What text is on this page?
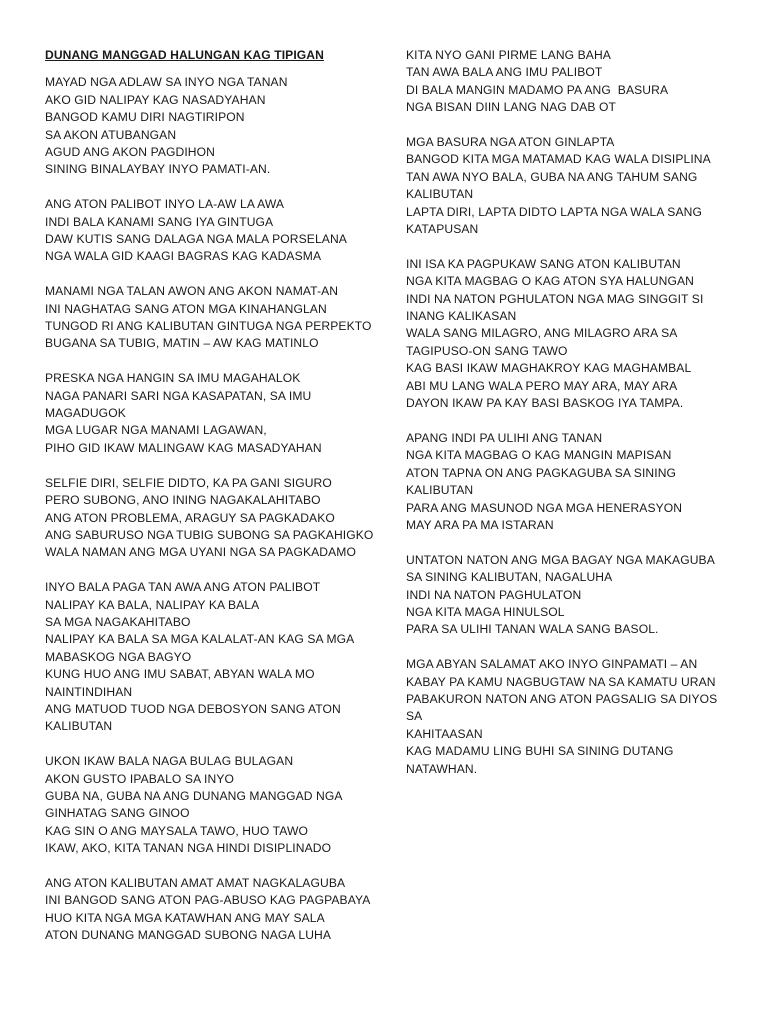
DUNANG MANGGAD HALUNGAN KAG TIPIGAN
MAYAD NGA ADLAW SA INYO NGA TANAN
AKO GID NALIPAY KAG NASADYAHAN
BANGOD KAMU DIRI NAGTIRIPON
SA AKON ATUBANGAN
AGUD ANG AKON PAGDIHON
SINING BINALAYBAY INYO PAMATI-AN.
ANG ATON PALIBOT INYO LA-AW LA AWA
INDI BALA KANAMI SANG IYA GINTUGA
DAW KUTIS SANG DALAGA NGA MALA PORSELANA
NGA WALA GID KAAGI BAGRAS KAG KADASMA
MANAMI NGA TALAN AWON ANG AKON NAMAT-AN
INI NAGHATAG SANG ATON MGA KINAHANGLAN
TUNGOD RI ANG KALIBUTAN GINTUGA NGA PERPEKTO
BUGANA SA TUBIG, MATIN – AW KAG MATINLO
PRESKA NGA HANGIN SA IMU MAGAHALOK
NAGA PANARI SARI NGA KASAPATAN, SA IMU
MAGADUGOK
MGA LUGAR NGA MANAMI LAGAWAN,
PIHO GID IKAW MALINGAW KAG MASADYAHAN
SELFIE DIRI, SELFIE DIDTO, KA PA GANI SIGURO
PERO SUBONG, ANO INING NAGAKALAHITABO
ANG ATON PROBLEMA, ARAGUY SA PAGKADAKO
ANG SABURUSO NGA TUBIG SUBONG SA PAGKAHIGKO
WALA NAMAN ANG MGA UYANI NGA SA PAGKADAMO
INYO BALA PAGA TAN AWA ANG ATON PALIBOT
NALIPAY KA BALA, NALIPAY KA BALA
SA MGA NAGAKAHITABO
NALIPAY KA BALA SA MGA KALALAT-AN KAG SA MGA
MABASKOG NGA BAGYO
KUNG HUO ANG IMU SABAT, ABYAN WALA MO
NAINTINDIHAN
ANG MATUOD TUOD NGA DEBOSYON SANG ATON
KALIBUTAN
UKON IKAW BALA NAGA BULAG BULAGAN
AKON GUSTO IPABALO SA INYO
GUBA NA, GUBA NA ANG DUNANG MANGGAD NGA
GINHATAG SANG GINOO
KAG SIN O ANG MAYSALA TAWO, HUO TAWO
IKAW, AKO, KITA TANAN NGA HINDI DISIPLINADO
ANG ATON KALIBUTAN AMAT AMAT NAGKALAGUBA
INI BANGOD SANG ATON PAG-ABUSO KAG PAGPABAYA
HUO KITA NGA MGA KATAWHAN ANG MAY SALA
ATON DUNANG MANGGAD SUBONG NAGA LUHA
KITA NYO GANI PIRME LANG BAHA
TAN AWA BALA ANG IMU PALIBOT
DI BALA MANGIN MADAMO PA ANG  BASURA
NGA BISAN DIIN LANG NAG DAB OT
MGA BASURA NGA ATON GINLAPTA
BANGOD KITA MGA MATAMAD KAG WALA DISIPLINA
TAN AWA NYO BALA, GUBA NA ANG TAHUM SANG
KALIBUTAN
LAPTA DIRI, LAPTA DIDTO LAPTA NGA WALA SANG
KATAPUSAN
INI ISA KA PAGPUKAW SANG ATON KALIBUTAN
NGA KITA MAGBAG O KAG ATON SYA HALUNGAN
INDI NA NATON PGHULATON NGA MAG SINGGIT SI
INANG KALIKASAN
WALA SANG MILAGRO, ANG MILAGRO ARA SA
TAGIPUSO-ON SANG TAWO
KAG BASI IKAW MAGHAKROY KAG MAGHAMBAL
ABI MU LANG WALA PERO MAY ARA, MAY ARA
DAYON IKAW PA KAY BASI BASKOG IYA TAMPA.
APANG INDI PA ULIHI ANG TANAN
NGA KITA MAGBAG O KAG MANGIN MAPISAN
ATON TAPNA ON ANG PAGKAGUBA SA SINING
KALIBUTAN
PARA ANG MASUNOD NGA MGA HENERASYON
MAY ARA PA MA ISTARAN
UNTATON NATON ANG MGA BAGAY NGA MAKAGUBA
SA SINING KALIBUTAN, NAGALUHA
INDI NA NATON PAGHULATON
NGA KITA MAGA HINULSOL
PARA SA ULIHI TANAN WALA SANG BASOL.
MGA ABYAN SALAMAT AKO INYO GINPAMATI – AN
KABAY PA KAMU NAGBUGTAW NA SA KAMATU URAN
PABAKURON NATON ANG ATON PAGSALIG SA DIYOS SA
KAHITAASAN
KAG MADAMU LING BUHI SA SINING DUTANG
NATAWHAN.
